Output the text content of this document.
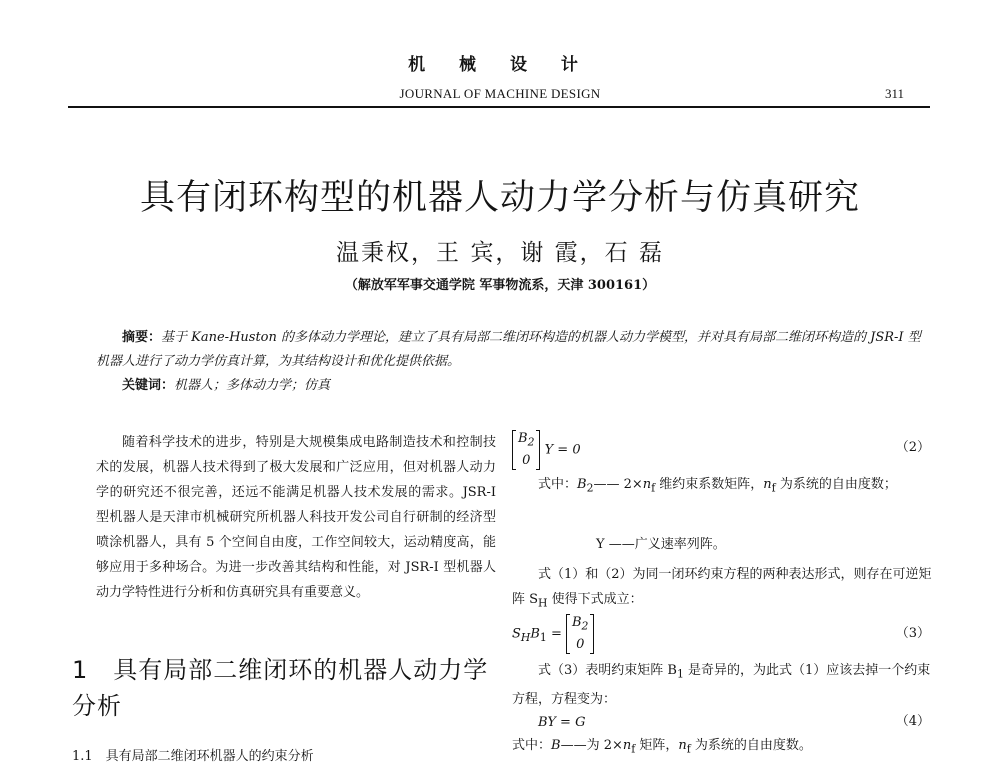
机 械 设 计
JOURNAL OF MACHINE DESIGN	311
具有闭环构型的机器人动力学分析与仿真研究
温秉权，王 宾，谢 霞，石 磊
（解放军军事交通学院 军事物流系，天津 300161）
摘要：基于 Kane-Huston 的多体动力学理论，建立了具有局部二维闭环构造的机器人动力学模型，并对具有局部二维闭环构造的 JSR-I 型机器人进行了动力学仿真计算，为其结构设计和优化提供依据。
关键词：机器人；多体动力学；仿真
随着科学技术的进步，特别是大规模集成电路制造技术和控制技术的发展，机器人技术得到了极大发展和广泛应用，但对机器人动力学的研究还不很完善，还远不能满足机器人技术发展的需求。JSR-I 型机器人是天津市机械研究所机器人科技开发公司自行研制的经济型喷涂机器人，具有 5 个空间自由度，工作空间较大，运动精度高，能够应用于多种场合。为进一步改善其结构和性能，对 JSR-I 型机器人动力学特性进行分析和仿真研究具有重要意义。
1　具有局部二维闭环的机器人动力学分析
1.1　具有局部二维闭环机器人的约束分析
$B_2$
0
Y = 0	（2）
式中：$B_2——$ $2\times n_f$ 维约束系数矩阵，$n_f$ 为系统的自由度数；
Y ——广义速率列阵。
式（1）和（2）为同一闭环约束方程的两种表达形式，则存在可逆矩阵 $S_H$ 使得下式成立：
$S_HB_1$ =
$B_2$
0
（3）
式（3）表明约束矩阵 $B_1$ 是奇异的，为此式（1）应该去掉一个约束方程，方程变为：
BY = G	（4）
式中：B——为 $2\times n_f$ 矩阵，$n_f$ 为系统的自由度数。
